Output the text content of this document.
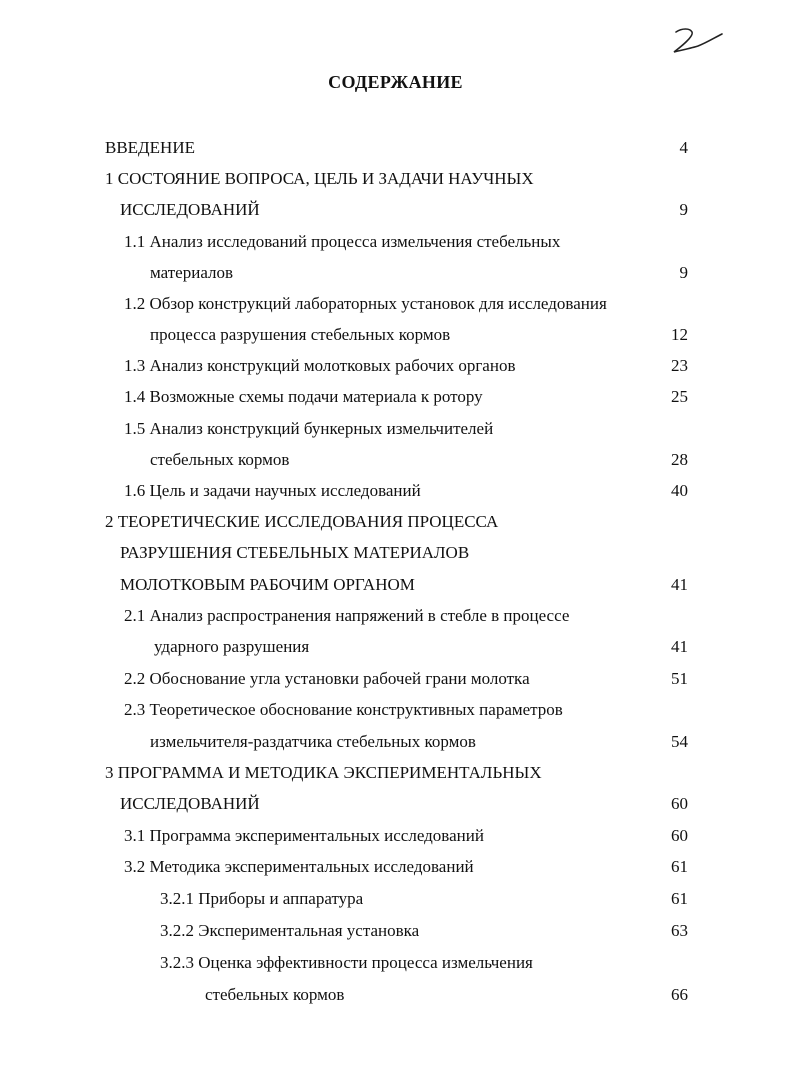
СОДЕРЖАНИЕ
ВВЕДЕНИЕ	4
1 СОСТОЯНИЕ ВОПРОСА, ЦЕЛЬ И ЗАДАЧИ НАУЧНЫХ
ИССЛЕДОВАНИЙ	9
1.1 Анализ исследований процесса измельчения стебельных
материалов	9
1.2 Обзор конструкций лабораторных установок для исследования
процесса разрушения стебельных кормов	12
1.3 Анализ конструкций молотковых рабочих органов	23
1.4 Возможные схемы подачи материала к ротору	25
1.5 Анализ конструкций бункерных измельчителей
стебельных кормов	28
1.6 Цель и задачи научных исследований	40
2 ТЕОРЕТИЧЕСКИЕ ИССЛЕДОВАНИЯ ПРОЦЕССА
РАЗРУШЕНИЯ СТЕБЕЛЬНЫХ МАТЕРИАЛОВ
МОЛОТКОВЫМ РАБОЧИМ ОРГАНОМ	41
2.1 Анализ распространения напряжений в стебле в процессе
ударного разрушения	41
2.2 Обоснование угла установки рабочей грани молотка	51
2.3 Теоретическое обоснование конструктивных параметров
измельчителя-раздатчика стебельных кормов	54
3 ПРОГРАММА И МЕТОДИКА ЭКСПЕРИМЕНТАЛЬНЫХ
ИССЛЕДОВАНИЙ	60
3.1 Программа экспериментальных исследований	60
3.2 Методика экспериментальных исследований	61
3.2.1 Приборы и аппаратура	61
3.2.2 Экспериментальная установка	63
3.2.3 Оценка эффективности процесса измельчения
стебельных кормов	66
